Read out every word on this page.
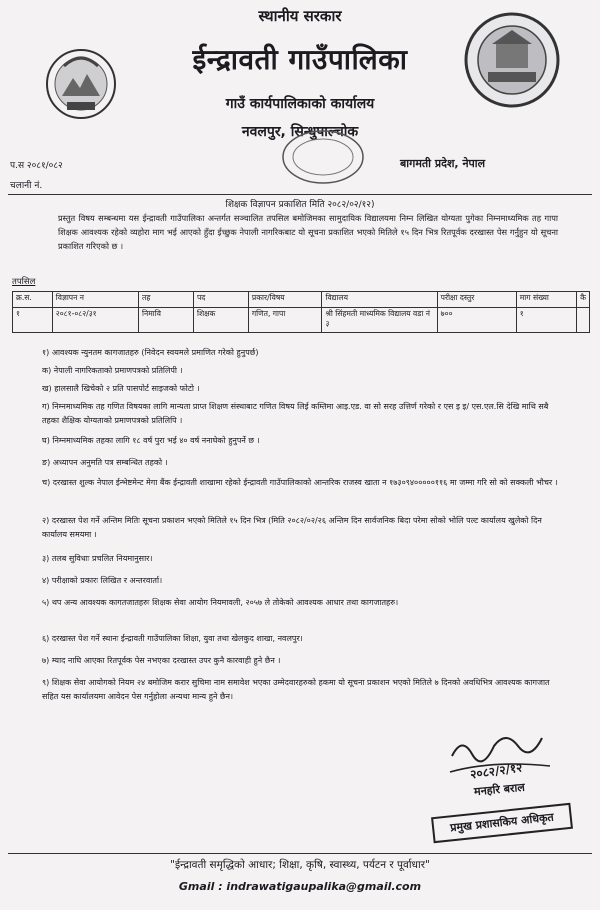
स्थानीय सरकार
ईन्द्रावती गाउँपालिका
गाउँ कार्यपालिकाको कार्यालय
नवलपुर, सिन्धुपाल्चोक
प.स २०८१/०८२
चलानी नं.
बागमती प्रदेश, नेपाल
शिक्षक विज्ञापन प्रकाशित मिति २०८२/०२/१२)
प्रस्तुत विषय सम्बन्धमा यस ईन्द्रावती गाउँपालिका अन्तर्गत सञ्चालित तपसिल बमोजिमका सामुदायिक विद्यालयमा निम्न लिखित योग्यता पुगेका निम्नमाध्यमिक तह गापा शिक्षक आवश्यक रहेको व्यहोरा माग भई आएको हुँदा ईच्छुक नेपाली नागरिकबाट यो सूचना प्रकाशित भएको मितिले १५ दिन भित्र रितपूर्वक दरखास्त पेस गर्नुहुन यो सूचना प्रकाशित गरिएको छ ।
तपसिल
क्र.स.	विज्ञापन न	तह	पद	प्रकार/विषय	विद्यालय	परीक्षा दस्तुर	माग संख्या	कै
१	२०८१-०८२/३१	निमावि	शिक्षक	गणित, गापा	श्री सिंहमती माध्यमिक विद्यालय वडा नं ३	७००	१	
१) आवश्यक न्युनतम कागजातहरु (निवेदन स्वयमले प्रमाणित गरेको हुनुपर्छ)
क) नेपाली नागरिकताको प्रमाणपत्रको प्रतिलिपी ।
ख) हालसालै खिचेको २ प्रति पासपोर्ट साइजको फोटो ।
ग) निम्नमाध्यमिक तह गणित विषयका लागि मान्यता प्राप्त शिक्षण संस्थाबाट गणित विषय लिई कम्तिमा आइ.एड. वा सो सरह उत्तिर्ण गरेको र एस इ इ/ एस.एल.सि देखि माथि सबै तहका शैक्षिक योग्यताको प्रमाणपत्रको प्रतिलिपि ।
घ) निम्नमाध्यमिक तहका लागि १८ वर्ष पुरा भई ४० वर्ष ननाघेको हुनुपर्ने छ ।
ङ) अध्यापन अनुमति पत्र सम्बन्धित तहको ।
च) दरखास्त शुल्क नेपाल ईन्भेष्टमेन्ट मेगा बैंक ईन्द्रावती शाखामा रहेको ईन्द्रावती गाउँपालिकाको आन्तरिक राजस्व खाता न १७३०९४०००००११६ मा जम्मा गरि सो को सक्कली भौचर ।
२) दरखास्त पेश गर्ने अन्तिम मितिः सूचना प्रकाशन भएको मितिले १५ दिन भित्र (मिति २०८२/०२/२६ अन्तिम दिन सार्वजनिक बिदा परेमा सोको भोलि पल्ट कार्यालय खुलेको दिन कार्यालय समयमा ।
३) तलब सुविधाः प्रचलित नियमानुसार।
४) परीक्षाको प्रकारः लिखित र अन्तरवार्ता।
५) थप अन्य आवश्यक कागतजातहरुः शिक्षक सेवा आयोग नियमावली, २०५७ ले तोकेको आवश्यक आधार तथा कागजातहरु।
६) दरखास्त पेश गर्ने स्थानः ईन्द्रावती गाउँपालिका शिक्षा, युवा तथा खेलकुद शाखा, नवलपुर।
७) म्याद नाघि आएका रितपूर्वक पेस नभएका दरखास्त उपर कुनै कारवाही हुने छैन ।
९) शिक्षक सेवा आयोगको नियम २४ बमोजिम करार सुचिमा नाम समावेश भएका उम्मेदवारहरुको हकमा यो सूचना प्रकाशन भएको मितिले ७ दिनको अवधिभित्र आवश्यक कागजात सहित यस कार्यालयमा आवेदन पेस गर्नुहोला अन्यथा मान्य हुने छैन।
२०८२/२/१२
मनहरि बराल
प्रमुख प्रशासकिय अधिकृत
"ईन्द्रावती समृद्धिको आधार; शिक्षा, कृषि, स्वास्थ्य, पर्यटन र पूर्वाधार"
Gmail : indrawatigaupalika@gmail.com
